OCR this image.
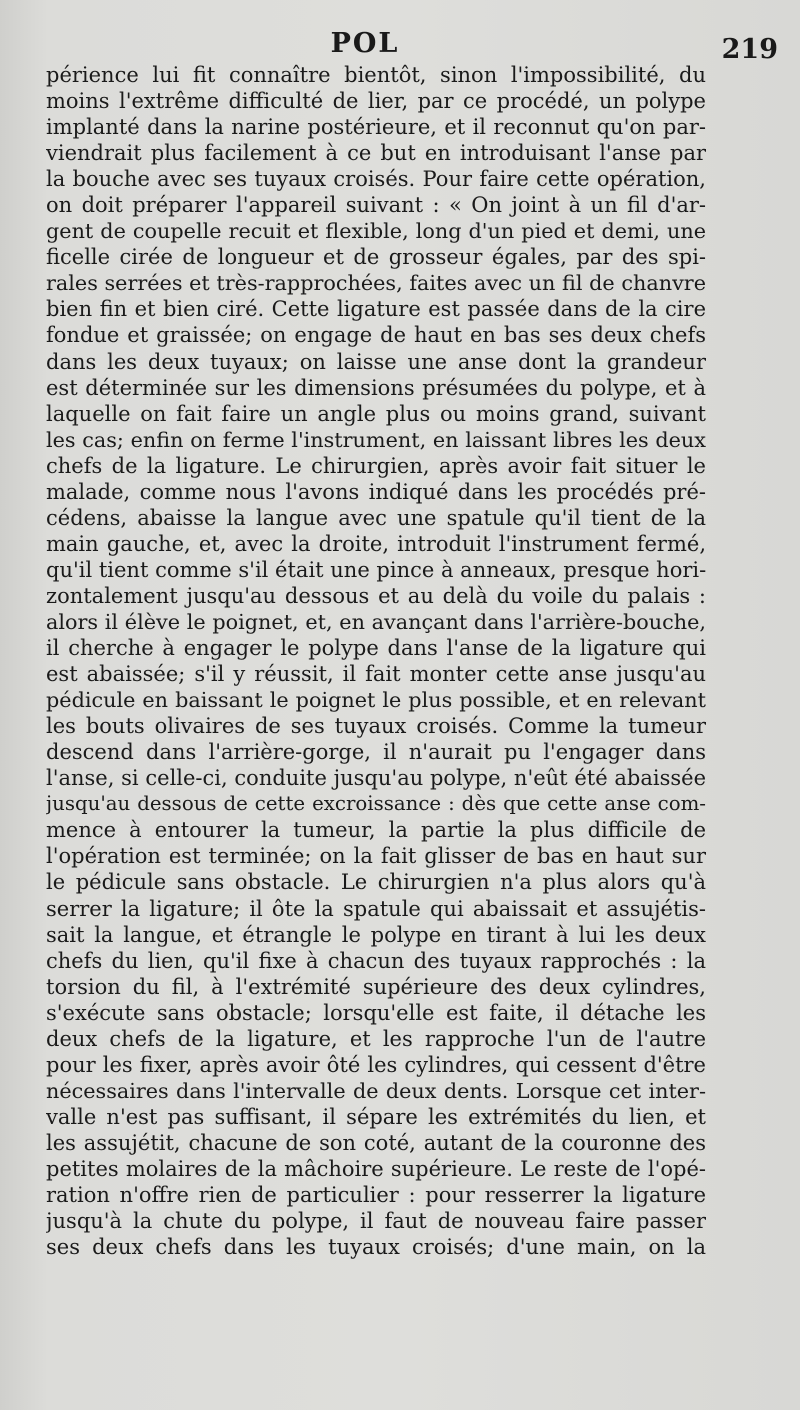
POL	219
périence lui fit connaître bientôt, sinon l'impossibilité, du
moins l'extrême difficulté de lier, par ce procédé, un polype
implanté dans la narine postérieure, et il reconnut qu'on par-
viendrait plus facilement à ce but en introduisant l'anse par
la bouche avec ses tuyaux croisés. Pour faire cette opération,
on doit préparer l'appareil suivant : « On joint à un fil d'ar-
gent de coupelle recuit et flexible, long d'un pied et demi, une
ficelle cirée de longueur et de grosseur égales, par des spi-
rales serrées et très-rapprochées, faites avec un fil de chanvre
bien fin et bien ciré. Cette ligature est passée dans de la cire
fondue et graissée; on engage de haut en bas ses deux chefs
dans les deux tuyaux; on laisse une anse dont la grandeur
est déterminée sur les dimensions présumées du polype, et à
laquelle on fait faire un angle plus ou moins grand, suivant
les cas; enfin on ferme l'instrument, en laissant libres les deux
chefs de la ligature. Le chirurgien, après avoir fait situer le
malade, comme nous l'avons indiqué dans les procédés pré-
cédens, abaisse la langue avec une spatule qu'il tient de la
main gauche, et, avec la droite, introduit l'instrument fermé,
qu'il tient comme s'il était une pince à anneaux, presque hori-
zontalement jusqu'au dessous et au delà du voile du palais :
alors il élève le poignet, et, en avançant dans l'arrière-bouche,
il cherche à engager le polype dans l'anse de la ligature qui
est abaissée; s'il y réussit, il fait monter cette anse jusqu'au
pédicule en baissant le poignet le plus possible, et en relevant
les bouts olivaires de ses tuyaux croisés. Comme la tumeur
descend dans l'arrière-gorge, il n'aurait pu l'engager dans
l'anse, si celle-ci, conduite jusqu'au polype, n'eût été abaissée
jusqu'au dessous de cette excroissance : dès que cette anse com-
mence à entourer la tumeur, la partie la plus difficile de
l'opération est terminée; on la fait glisser de bas en haut sur
le pédicule sans obstacle. Le chirurgien n'a plus alors qu'à
serrer la ligature; il ôte la spatule qui abaissait et assujétis-
sait la langue, et étrangle le polype en tirant à lui les deux
chefs du lien, qu'il fixe à chacun des tuyaux rapprochés : la
torsion du fil, à l'extrémité supérieure des deux cylindres,
s'exécute sans obstacle; lorsqu'elle est faite, il détache les
deux chefs de la ligature, et les rapproche l'un de l'autre
pour les fixer, après avoir ôté les cylindres, qui cessent d'être
nécessaires dans l'intervalle de deux dents. Lorsque cet inter-
valle n'est pas suffisant, il sépare les extrémités du lien, et
les assujétit, chacune de son coté, autant de la couronne des
petites molaires de la mâchoire supérieure. Le reste de l'opé-
ration n'offre rien de particulier : pour resserrer la ligature
jusqu'à la chute du polype, il faut de nouveau faire passer
ses deux chefs dans les tuyaux croisés; d'une main, on la
